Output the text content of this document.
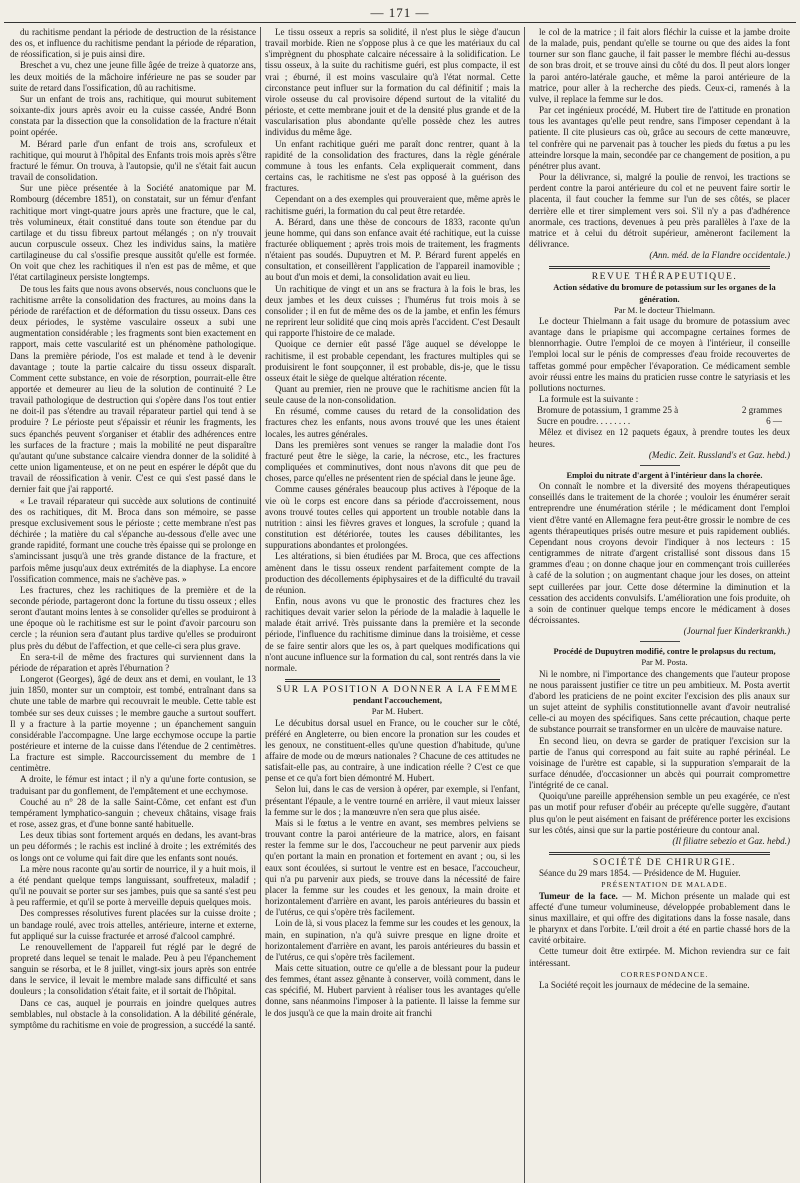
— 171 —

du rachitisme pendant la période de destruction de la résistance des os, et influence du rachitisme pendant la période de réparation, de réossification, si je puis ainsi dire.

Breschet a vu, chez une jeune fille âgée de treize à quatorze ans, les deux moitiés de la mâchoire inférieure ne pas se souder par suite de retard dans l'ossification, dû au rachitisme.

Sur un enfant de trois ans, rachitique, qui mourut subitement soixante-dix jours après avoir eu la cuisse cassée, André Bonn constata par la dissection que la consolidation de la fracture n'était point opérée.

M. Bérard parle d'un enfant de trois ans, scrofuleux et rachitique, qui mourut à l'hôpital des Enfants trois mois après s'être fracturé le fémur. On trouva, à l'autopsie, qu'il ne s'était fait aucun travail de consolidation.

Sur une pièce présentée à la Société anatomique par M. Rombourg (décembre 1851), on constatait, sur un fémur d'enfant rachitique mort vingt-quatre jours après une fracture, que le cal, très volumineux, était constitué dans toute son étendue par du cartilage et du tissu fibreux partout mélangés ; on n'y trouvait aucun corpuscule osseux. Chez les individus sains, la matière cartilagineuse du cal s'ossifie presque aussitôt qu'elle est formée. On voit que chez les rachitiques il n'en est pas de même, et que l'état cartilagineux persiste longtemps.

De tous les faits que nous avons observés, nous concluons que le rachitisme arrête la consolidation des fractures, au moins dans la période de raréfaction et de déformation du tissu osseux. Dans ces deux périodes, le système vasculaire osseux a subi une augmentation considérable ; les fragments sont bien exactement en rapport, mais cette vascularité est un phénomène pathologique. Dans la première période, l'os est malade et tend à le devenir davantage ; toute la partie calcaire du tissu osseux disparaît. Comment cette substance, en voie de résorption, pourrait-elle être apportée et demeurer au lieu de la solution de continuité ? Le travail pathologique de destruction qui s'opère dans l'os tout entier ne doit-il pas s'étendre au travail réparateur partiel qui tend à se produire ? Le périoste peut s'épaissir et réunir les fragments, les sucs épanchés peuvent s'organiser et établir des adhérences entre les surfaces de la fracture ; mais la mobilité ne peut disparaître qu'autant qu'une substance calcaire viendra donner de la solidité à cette union ligamenteuse, et on ne peut en espérer le dépôt que du travail de réossification à venir. C'est ce qui s'est passé dans le dernier fait que j'ai rapporté.

« Le travail réparateur qui succède aux solutions de continuité des os rachitiques, dit M. Broca dans son mémoire, se passe presque exclusivement sous le périoste ; cette membrane n'est pas déchirée ; la matière du cal s'épanche au-dessous d'elle avec une grande rapidité, formant une couche très épaisse qui se prolonge en s'amincissant jusqu'à une très grande distance de la fracture, et parfois même jusqu'aux deux extrémités de la diaphyse. La encore l'ossification commence, mais ne s'achève pas. »

Les fractures, chez les rachitiques de la première et de la seconde période, partageront donc la fortune du tissu osseux ; elles seront d'autant moins lentes à se consolider qu'elles se produiront à une époque où le rachitisme est sur le point d'avoir parcouru son cercle ; la réunion sera d'autant plus tardive qu'elles se produiront plus près du début de l'affection, et que celle-ci sera plus grave.

En sera-t-il de même des fractures qui surviennent dans la période de réparation et après l'éburnation ?

Longerot (Georges), âgé de deux ans et demi, en voulant, le 13 juin 1850, monter sur un comptoir, est tombé, entraînant dans sa chute une table de marbre qui recouvrait le meuble. Cette table est tombée sur ses deux cuisses ; le membre gauche a surtout souffert. Il y a fracture à la partie moyenne ; un épanchement sanguin considérable l'accompagne. Une large ecchymose occupe la partie postérieure et interne de la cuisse dans l'étendue de 2 centimètres. La fracture est simple. Raccourcissement du membre de 1 centimètre.

A droite, le fémur est intact ; il n'y a qu'une forte contusion, se traduisant par du gonflement, de l'empâtement et une ecchymose.

Couché au n° 28 de la salle Saint-Côme, cet enfant est d'un tempérament lymphatico-sanguin ; cheveux châtains, visage frais et rose, assez gras, et d'une bonne santé habituelle.

Les deux tibias sont fortement arqués en dedans, les avant-bras un peu déformés ; le rachis est incliné à droite ; les extrémités des os longs ont ce volume qui fait dire que les enfants sont noués.

La mère nous raconte qu'au sortir de nourrice, il y a huit mois, il a été pendant quelque temps languissant, souffreteux, maladif ; qu'il ne pouvait se porter sur ses jambes, puis que sa santé s'est peu à peu raffermie, et qu'il se porte à merveille depuis quelques mois.

Des compresses résolutives furent placées sur la cuisse droite ; un bandage roulé, avec trois attelles, antérieure, interne et externe, fut appliqué sur la cuisse fracturée et arrosé d'alcool camphré.

Le renouvellement de l'appareil fut réglé par le degré de propreté dans lequel se tenait le malade. Peu à peu l'épanchement sanguin se résorba, et le 8 juillet, vingt-six jours après son entrée dans le service, il levait le membre malade sans difficulté et sans douleurs ; la consolidation s'était faite, et il sortait de l'hôpital.

Dans ce cas, auquel je pourrais en joindre quelques autres semblables, nul obstacle à la consolidation. A la débilité générale, symptôme du rachitisme en voie de progression, a succédé la santé.

Le tissu osseux a repris sa solidité, il n'est plus le siège d'aucun travail morbide. Rien ne s'oppose plus à ce que les matériaux du cal s'imprègnent du phosphate calcaire nécessaire à la solidification. Le tissu osseux, à la suite du rachitisme guéri, est plus compacte, il est vrai ; éburné, il est moins vasculaire qu'à l'état normal. Cette circonstance peut influer sur la formation du cal définitif ; mais la virole osseuse du cal provisoire dépend surtout de la vitalité du périoste, et cette membrane jouit et de la densité plus grande et de la vascularisation plus abondante qu'elle possède chez les autres individus du même âge.

Un enfant rachitique guéri me paraît donc rentrer, quant à la rapidité de la consolidation des fractures, dans la règle générale commune à tous les enfants. Cela expliquerait comment, dans certains cas, le rachitisme ne s'est pas opposé à la guérison des fractures.

Cependant on a des exemples qui prouveraient que, même après le rachitisme guéri, la formation du cal peut être retardée.

A. Bérard, dans une thèse de concours de 1833, raconte qu'un jeune homme, qui dans son enfance avait été rachitique, eut la cuisse fracturée obliquement ; après trois mois de traitement, les fragments n'étaient pas soudés. Dupuytren et M. P. Bérard furent appelés en consultation, et conseillèrent l'application de l'appareil inamovible ; au bout d'un mois et demi, la consolidation avait eu lieu.

Un rachitique de vingt et un ans se fractura à la fois le bras, les deux jambes et les deux cuisses ; l'humérus fut trois mois à se consolider ; il en fut de même des os de la jambe, et enfin les fémurs ne reprirent leur solidité que cinq mois après l'accident. C'est Desault qui rapporte l'histoire de ce malade.

Quoique ce dernier eût passé l'âge auquel se développe le rachitisme, il est probable cependant, les fractures multiples qui se produisirent le font soupçonner, il est probable, dis-je, que le tissu osseux était le siège de quelque altération récente.

Quant au premier, rien ne prouve que le rachitisme ancien fût la seule cause de la non-consolidation.

En résumé, comme causes du retard de la consolidation des fractures chez les enfants, nous avons trouvé que les unes étaient locales, les autres générales.

Dans les premières sont venues se ranger la maladie dont l'os fracturé peut être le siège, la carie, la nécrose, etc., les fractures compliquées et comminutives, dont nous n'avons dit que peu de choses, parce qu'elles ne présentent rien de spécial dans le jeune âge.

Comme causes générales beaucoup plus actives à l'époque de la vie où le corps est encore dans sa période d'accroissement, nous avons trouvé toutes celles qui apportent un trouble notable dans la nutrition : ainsi les fièvres graves et longues, la scrofule ; quand la constitution est détériorée, toutes les causes débilitantes, les suppurations abondantes et prolongées.

Les altérations, si bien étudiées par M. Broca, que ces affections amènent dans le tissu osseux rendent parfaitement compte de la production des décollements épiphysaires et de la difficulté du travail de réunion.

Enfin, nous avons vu que le pronostic des fractures chez les rachitiques devait varier selon la période de la maladie à laquelle le malade était arrivé. Très puissante dans la première et la seconde période, l'influence du rachitisme diminue dans la troisième, et cesse de se faire sentir alors que les os, à part quelques modifications qui n'ont aucune influence sur la formation du cal, sont rentrés dans la vie normale.

SUR LA POSITION A DONNER A LA FEMME

pendant l'accouchement,

Par M. Hubert.

Le décubitus dorsal usuel en France, ou le coucher sur le côté, préféré en Angleterre, ou bien encore la pronation sur les coudes et les genoux, ne constituent-elles qu'une question d'habitude, qu'une affaire de mode ou de mœurs nationales ? Chacune de ces attitudes ne satisfait-elle pas, au contraire, à une indication réelle ? C'est ce que pense et ce qu'a fort bien démontré M. Hubert.

Selon lui, dans le cas de version à opérer, par exemple, si l'enfant, présentant l'épaule, a le ventre tourné en arrière, il vaut mieux laisser la femme sur le dos ; la manœuvre n'en sera que plus aisée.

Mais si le fœtus a le ventre en avant, ses membres pelviens se trouvant contre la paroi antérieure de la matrice, alors, en faisant rester la femme sur le dos, l'accoucheur ne peut parvenir aux pieds qu'en portant la main en pronation et fortement en avant ; ou, si les eaux sont écoulées, si surtout le ventre est en besace, l'accoucheur, qui n'a pu parvenir aux pieds, se trouve dans la nécessité de faire placer la femme sur les coudes et les genoux, la main droite et horizontalement d'arrière en avant, les parois antérieures du bassin et de l'utérus, ce qui s'opère très facilement.

Loin de là, si vous placez la femme sur les coudes et les genoux, la main, en supination, n'a qu'à suivre presque en ligne droite et horizontalement d'arrière en avant, les parois antérieures du bassin et de l'utérus, ce qui s'opère très facilement.

Mais cette situation, outre ce qu'elle a de blessant pour la pudeur des femmes, étant assez gênante à conserver, voilà comment, dans le cas spécifié, M. Hubert parvient à réaliser tous les avantages qu'elle donne, sans néanmoins l'imposer à la patiente. Il laisse la femme sur le dos jusqu'à ce que la main droite ait franchi

le col de la matrice ; il fait alors fléchir la cuisse et la jambe droite de la malade, puis, pendant qu'elle se tourne ou que des aides la font tourner sur son flanc gauche, il fait passer le membre fléchi au-dessus de son bras droit, et se trouve ainsi du côté du dos. Il peut alors longer la paroi antéro-latérale gauche, et même la paroi antérieure de la matrice, pour aller à la recherche des pieds. Ceux-ci, ramenés à la vulve, il replace la femme sur le dos.

Par cet ingénieux procédé, M. Hubert tire de l'attitude en pronation tous les avantages qu'elle peut rendre, sans l'imposer cependant à la patiente. Il cite plusieurs cas où, grâce au secours de cette manœuvre, tel confrère qui ne parvenait pas à toucher les pieds du fœtus a pu les atteindre lorsque la main, secondée par ce changement de position, a pu pénétrer plus avant.

Pour la délivrance, si, malgré la poulie de renvoi, les tractions se perdent contre la paroi antérieure du col et ne peuvent faire sortir le placenta, il faut coucher la femme sur l'un de ses côtés, se placer derrière elle et tirer simplement vers soi. S'il n'y a pas d'adhérence anormale, ces tractions, devenues à peu près parallèles à l'axe de la matrice et à celui du détroit supérieur, amèneront facilement la délivrance.

(Ann. méd. de la Flandre occidentale.)

REVUE THÉRAPEUTIQUE.

Action sédative du bromure de potassium sur les organes de la génération.

Par M. le docteur Thielmann.

Le docteur Thielmann a fait usage du bromure de potassium avec avantage dans le priapisme qui accompagne certaines formes de blennorrhagie. Outre l'emploi de ce moyen à l'intérieur, il conseille l'emploi local sur le pénis de compresses d'eau froide recouvertes de taffetas gommé pour empêcher l'évaporation. Ce médicament semble avoir réussi entre les mains du praticien russe contre le satyriasis et les pollutions nocturnes.

La formule est la suivante :

Bromure de potassium, 1 gramme 25 à	2 grammes
Sucre en poudre. . . . . . . .	6 —

Mêlez et divisez en 12 paquets égaux, à prendre toutes les deux heures.

(Medic. Zeit. Russland's et Gaz. hebd.)

Emploi du nitrate d'argent à l'intérieur dans la chorée.

On connaît le nombre et la diversité des moyens thérapeutiques conseillés dans le traitement de la chorée ; vouloir les énumérer serait entreprendre une énumération stérile ; le médicament dont l'emploi vient d'être vanté en Allemagne fera peut-être grossir le nombre de ces agents thérapeutiques prisés outre mesure et puis rapidement oubliés. Cependant nous croyons devoir l'indiquer à nos lecteurs : 15 centigrammes de nitrate d'argent cristallisé sont dissous dans 15 grammes d'eau ; on donne chaque jour en commençant trois cuillerées à café de la solution ; on augmentant chaque jour les doses, on atteint sept cuillerées par jour. Cette dose détermine la diminution et la cessation des accidents convulsifs. L'amélioration une fois produite, oh a soin de continuer quelque temps encore le médicament à doses décroissantes.

(Journal fuer Kinderkrankh.)

Procédé de Dupuytren modifié, contre le prolapsus du rectum,

Par M. Posta.

Ni le nombre, ni l'importance des changements que l'auteur propose ne nous paraissent justifier ce titre un peu ambitieux. M. Posta avertit d'abord les praticiens de ne point exciter l'excision des plis anaux sur un sujet atteint de syphilis constitutionnelle avant d'avoir neutralisé celle-ci au moyen des spécifiques. Sans cette précaution, chaque perte de substance pourrait se transformer en un ulcère de mauvaise nature.

En second lieu, on devra se garder de pratiquer l'excision sur la partie de l'anus qui correspond au fait suite au raphé périnéal. Le voisinage de l'urètre est capable, si la suppuration s'emparait de la surface dénudée, d'occasionner un abcès qui pourrait compromettre l'intégrité de ce canal.

Quoiqu'une pareille appréhension semble un peu exagérée, ce n'est pas un motif pour refuser d'obéir au précepte qu'elle suggère, d'autant plus qu'on le peut aisément en faisant de préférence porter les excisions sur les côtés, ainsi que sur la partie postérieure du contour anal.

(Il filiatre sebezio et Gaz. hebd.)

SOCIÉTÉ DE CHIRURGIE.

Séance du 29 mars 1854. — Présidence de M. Huguier.

PRÉSENTATION DE MALADE.

Tumeur de la face. — M. Michon présente un malade qui est affecté d'une tumeur volumineuse, développée probablement dans le sinus maxillaire, et qui offre des digitations dans la fosse nasale, dans le pharynx et dans l'orbite. L'œil droit a été en partie chassé hors de la cavité orbitaire.

Cette tumeur doit être extirpée. M. Michon reviendra sur ce fait intéressant.

CORRESPONDANCE.

La Société reçoit les journaux de médecine de la semaine.
